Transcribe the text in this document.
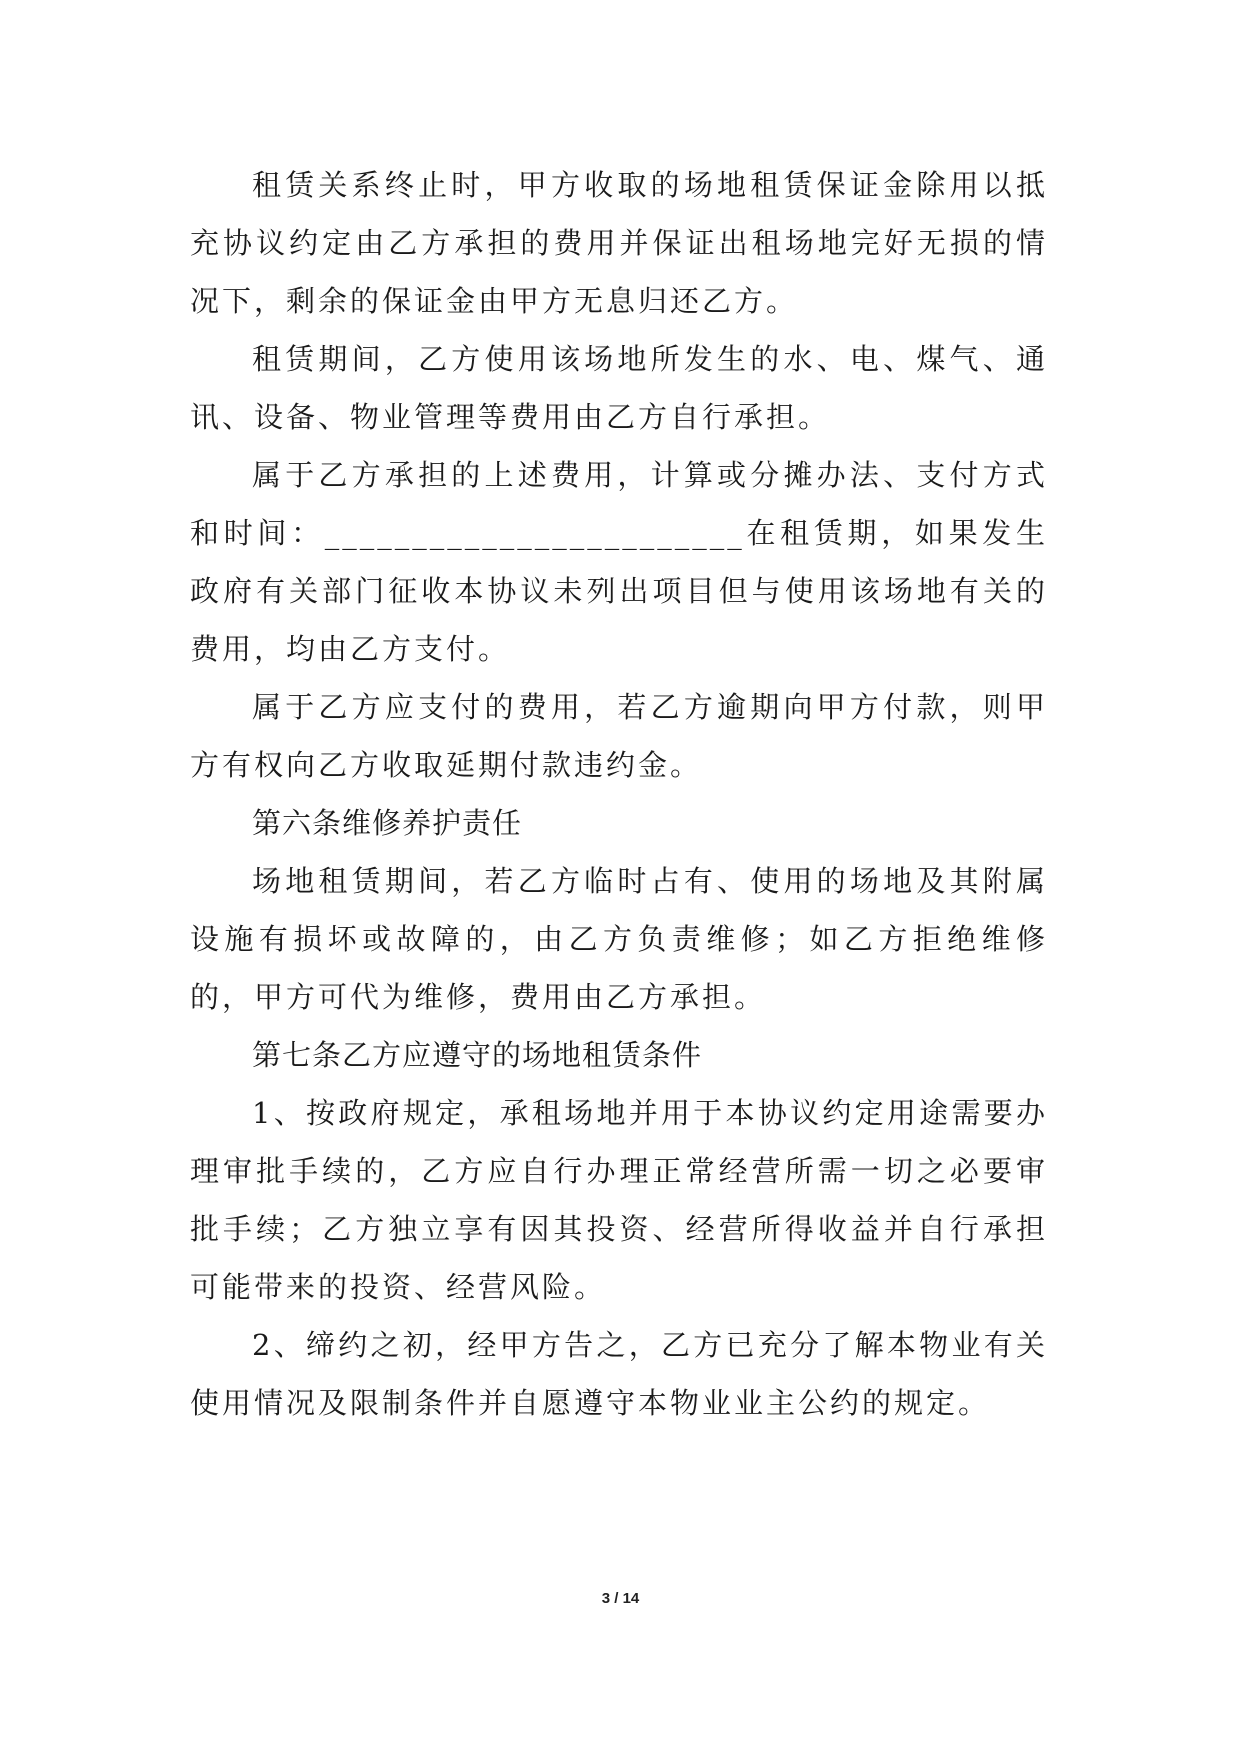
租赁关系终止时，甲方收取的场地租赁保证金除用以抵充协议约定由乙方承担的费用并保证出租场地完好无损的情况下，剩余的保证金由甲方无息归还乙方。

租赁期间，乙方使用该场地所发生的水、电、煤气、通讯、设备、物业管理等费用由乙方自行承担。

属于乙方承担的上述费用，计算或分摊办法、支付方式和时间：________________________在租赁期，如果发生政府有关部门征收本协议未列出项目但与使用该场地有关的费用，均由乙方支付。

属于乙方应支付的费用，若乙方逾期向甲方付款，则甲方有权向乙方收取延期付款违约金。

第六条维修养护责任

场地租赁期间，若乙方临时占有、使用的场地及其附属设施有损坏或故障的，由乙方负责维修；如乙方拒绝维修的，甲方可代为维修，费用由乙方承担。

第七条乙方应遵守的场地租赁条件

1、按政府规定，承租场地并用于本协议约定用途需要办理审批手续的，乙方应自行办理正常经营所需一切之必要审批手续；乙方独立享有因其投资、经营所得收益并自行承担可能带来的投资、经营风险。

2、缔约之初，经甲方告之，乙方已充分了解本物业有关使用情况及限制条件并自愿遵守本物业业主公约的规定。

3 / 14
